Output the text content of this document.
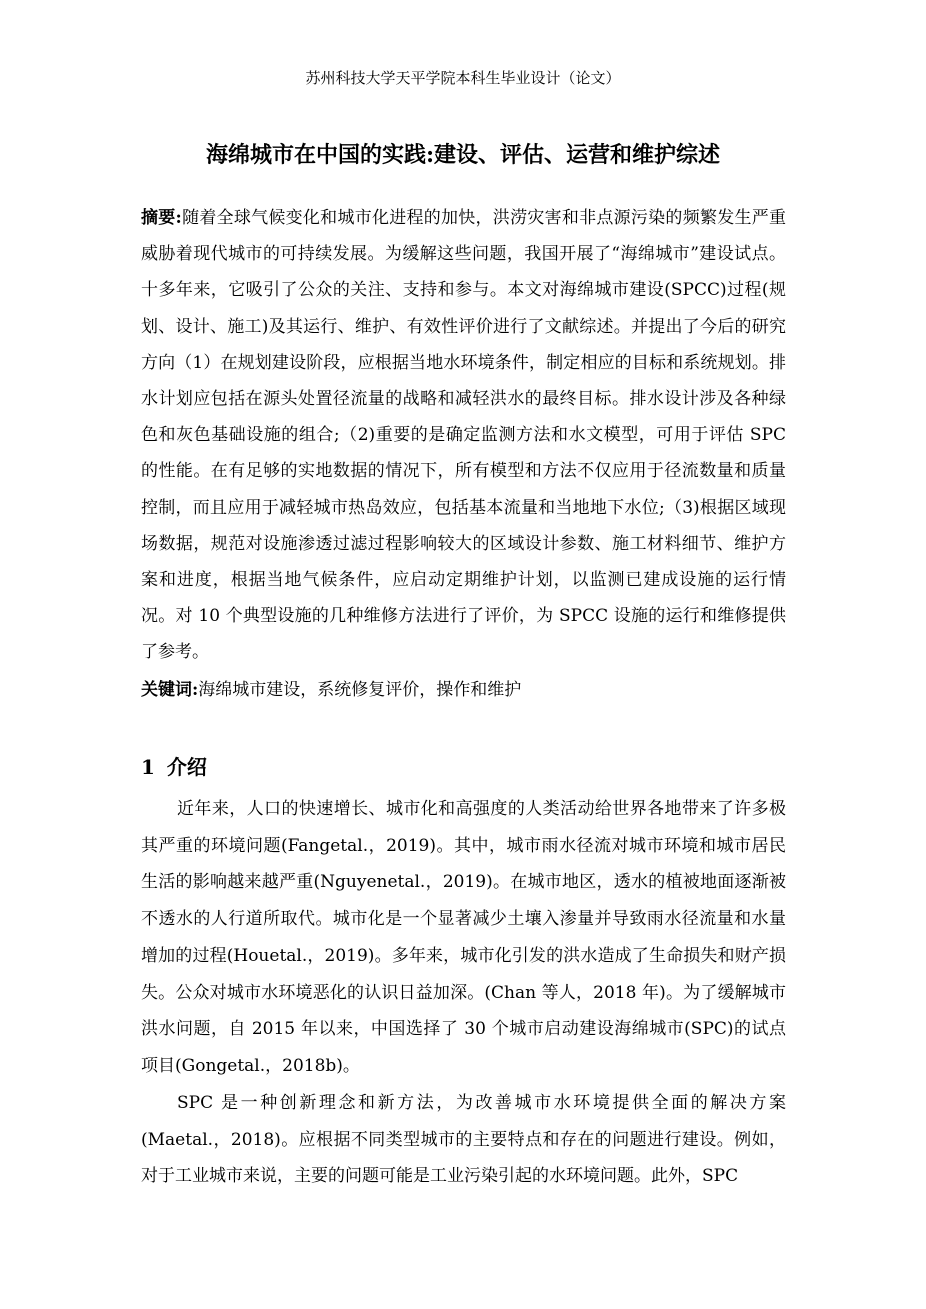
苏州科技大学天平学院本科生毕业设计（论文）
海绵城市在中国的实践:建设、评估、运营和维护综述

摘要:随着全球气候变化和城市化进程的加快，洪涝灾害和非点源污染的频繁发生严重威胁着现代城市的可持续发展。为缓解这些问题，我国开展了“海绵城市”建设试点。十多年来，它吸引了公众的关注、支持和参与。本文对海绵城市建设(SPCC)过程(规划、设计、施工)及其运行、维护、有效性评价进行了文献综述。并提出了今后的研究方向（1）在规划建设阶段，应根据当地水环境条件，制定相应的目标和系统规划。排水计划应包括在源头处置径流量的战略和减轻洪水的最终目标。排水设计涉及各种绿色和灰色基础设施的组合;（2)重要的是确定监测方法和水文模型，可用于评估 SPC 的性能。在有足够的实地数据的情况下，所有模型和方法不仅应用于径流数量和质量控制，而且应用于减轻城市热岛效应，包括基本流量和当地地下水位;（3)根据区域现场数据，规范对设施渗透过滤过程影响较大的区域设计参数、施工材料细节、维护方案和进度，根据当地气候条件，应启动定期维护计划，以监测已建成设施的运行情况。对 10 个典型设施的几种维修方法进行了评价，为 SPCC 设施的运行和维修提供了参考。

关键词:海绵城市建设，系统修复评价，操作和维护

1 介绍

近年来，人口的快速增长、城市化和高强度的人类活动给世界各地带来了许多极其严重的环境问题(Fangetal.，2019)。其中，城市雨水径流对城市环境和城市居民生活的影响越来越严重(Nguyenetal.，2019)。在城市地区，透水的植被地面逐渐被不透水的人行道所取代。城市化是一个显著减少土壤入渗量并导致雨水径流量和水量增加的过程(Houetal.，2019)。多年来，城市化引发的洪水造成了生命损失和财产损失。公众对城市水环境恶化的认识日益加深。(Chan 等人，2018 年)。为了缓解城市洪水问题，自 2015 年以来，中国选择了 30 个城市启动建设海绵城市(SPC)的试点项目(Gongetal.，2018b)。

SPC 是一种创新理念和新方法，为改善城市水环境提供全面的解决方案(Maetal.，2018)。应根据不同类型城市的主要特点和存在的问题进行建设。例如，对于工业城市来说，主要的问题可能是工业污染引起的水环境问题。此外，SPC
